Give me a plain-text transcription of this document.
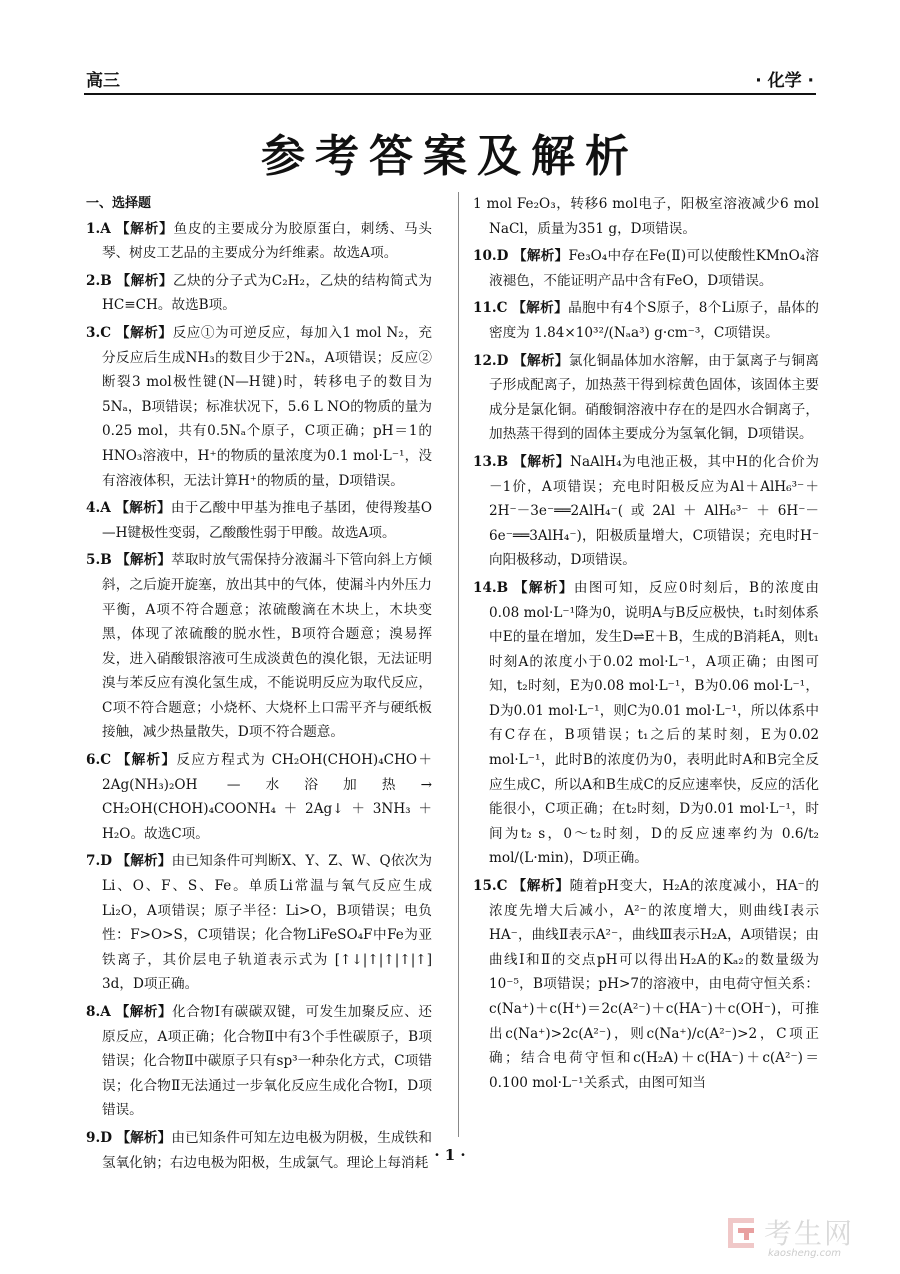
高三	· 化学 ·
参考答案及解析
一、选择题
1.A 【解析】鱼皮的主要成分为胶原蛋白，刺绣、马头琴、树皮工艺品的主要成分为纤维素。故选A项。
2.B 【解析】乙炔的分子式为C₂H₂，乙炔的结构简式为HC≡CH。故选B项。
3.C 【解析】反应①为可逆反应，每加入1 mol N₂，充分反应后生成NH₃的数目少于2Nₐ，A项错误；反应②断裂3 mol极性键(N—H键)时，转移电子的数目为5Nₐ，B项错误；标准状况下，5.6 L NO的物质的量为0.25 mol，共有0.5Nₐ个原子，C项正确；pH＝1的HNO₃溶液中，H⁺的物质的量浓度为0.1 mol·L⁻¹，没有溶液体积，无法计算H⁺的物质的量，D项错误。
4.A 【解析】由于乙酸中甲基为推电子基团，使得羧基O—H键极性变弱，乙酸酸性弱于甲酸。故选A项。
5.B 【解析】萃取时放气需保持分液漏斗下管向斜上方倾斜，之后旋开旋塞，放出其中的气体，使漏斗内外压力平衡，A项不符合题意；浓硫酸滴在木块上，木块变黑，体现了浓硫酸的脱水性，B项符合题意；溴易挥发，进入硝酸银溶液可生成淡黄色的溴化银，无法证明溴与苯反应有溴化氢生成，不能说明反应为取代反应，C项不符合题意；小烧杯、大烧杯上口需平齐与硬纸板接触，减少热量散失，D项不符合题意。
6.C 【解析】反应方程式为 CH₂OH(CHOH)₄CHO＋2Ag(NH₃)₂OH —水浴加热→ CH₂OH(CHOH)₄COONH₄＋2Ag↓＋3NH₃＋H₂O。故选C项。
7.D 【解析】由已知条件可判断X、Y、Z、W、Q依次为Li、O、F、S、Fe。单质Li常温与氧气反应生成Li₂O，A项错误；原子半径：Li>O，B项错误；电负性：F>O>S，C项错误；化合物LiFeSO₄F中Fe为亚铁离子，其价层电子轨道表示式为 [↑↓|↑|↑|↑|↑] 3d，D项正确。
8.A 【解析】化合物Ⅰ有碳碳双键，可发生加聚反应、还原反应，A项正确；化合物Ⅱ中有3个手性碳原子，B项错误；化合物Ⅱ中碳原子只有sp³一种杂化方式，C项错误；化合物Ⅱ无法通过一步氧化反应生成化合物Ⅰ，D项错误。
9.D 【解析】由已知条件可知左边电极为阴极，生成铁和氢氧化钠；右边电极为阳极，生成氯气。理论上每消耗
1 mol Fe₂O₃，转移6 mol电子，阳极室溶液减少6 mol NaCl，质量为351 g，D项错误。
10.D 【解析】Fe₃O₄中存在Fe(Ⅱ)可以使酸性KMnO₄溶液褪色，不能证明产品中含有FeO，D项错误。
11.C 【解析】晶胞中有4个S原子，8个Li原子，晶体的密度为 1.84×10³²/(Nₐa³) g·cm⁻³，C项错误。
12.D 【解析】氯化铜晶体加水溶解，由于氯离子与铜离子形成配离子，加热蒸干得到棕黄色固体，该固体主要成分是氯化铜。硝酸铜溶液中存在的是四水合铜离子，加热蒸干得到的固体主要成分为氢氧化铜，D项错误。
13.B 【解析】NaAlH₄为电池正极，其中H的化合价为－1价，A项错误；充电时阳极反应为Al＋AlH₆³⁻＋2H⁻－3e⁻══2AlH₄⁻(或2Al＋AlH₆³⁻＋6H⁻－6e⁻══3AlH₄⁻)，阳极质量增大，C项错误；充电时H⁻向阳极移动，D项错误。
14.B 【解析】由图可知，反应0时刻后，B的浓度由0.08 mol·L⁻¹降为0，说明A与B反应极快，t₁时刻体系中E的量在增加，发生D⇌E＋B，生成的B消耗A，则t₁时刻A的浓度小于0.02 mol·L⁻¹，A项正确；由图可知，t₂时刻，E为0.08 mol·L⁻¹，B为0.06 mol·L⁻¹，D为0.01 mol·L⁻¹，则C为0.01 mol·L⁻¹，所以体系中有C存在，B项错误；t₁之后的某时刻，E为0.02 mol·L⁻¹，此时B的浓度仍为0，表明此时A和B完全反应生成C，所以A和B生成C的反应速率快，反应的活化能很小，C项正确；在t₂时刻，D为0.01 mol·L⁻¹，时间为t₂ s，0～t₂时刻，D的反应速率约为 0.6/t₂ mol/(L·min)，D项正确。
15.C 【解析】随着pH变大，H₂A的浓度减小，HA⁻的浓度先增大后减小，A²⁻的浓度增大，则曲线Ⅰ表示HA⁻，曲线Ⅱ表示A²⁻，曲线Ⅲ表示H₂A，A项错误；由曲线Ⅰ和Ⅱ的交点pH可以得出H₂A的Kₐ₂的数量级为10⁻⁵，B项错误；pH>7的溶液中，由电荷守恒关系：c(Na⁺)＋c(H⁺)＝2c(A²⁻)＋c(HA⁻)＋c(OH⁻)，可推出c(Na⁺)>2c(A²⁻)，则c(Na⁺)/c(A²⁻)>2，C项正确；结合电荷守恒和c(H₂A)＋c(HA⁻)＋c(A²⁻)＝0.100 mol·L⁻¹关系式，由图可知当
· 1 ·
考生网
kaosheng.com
